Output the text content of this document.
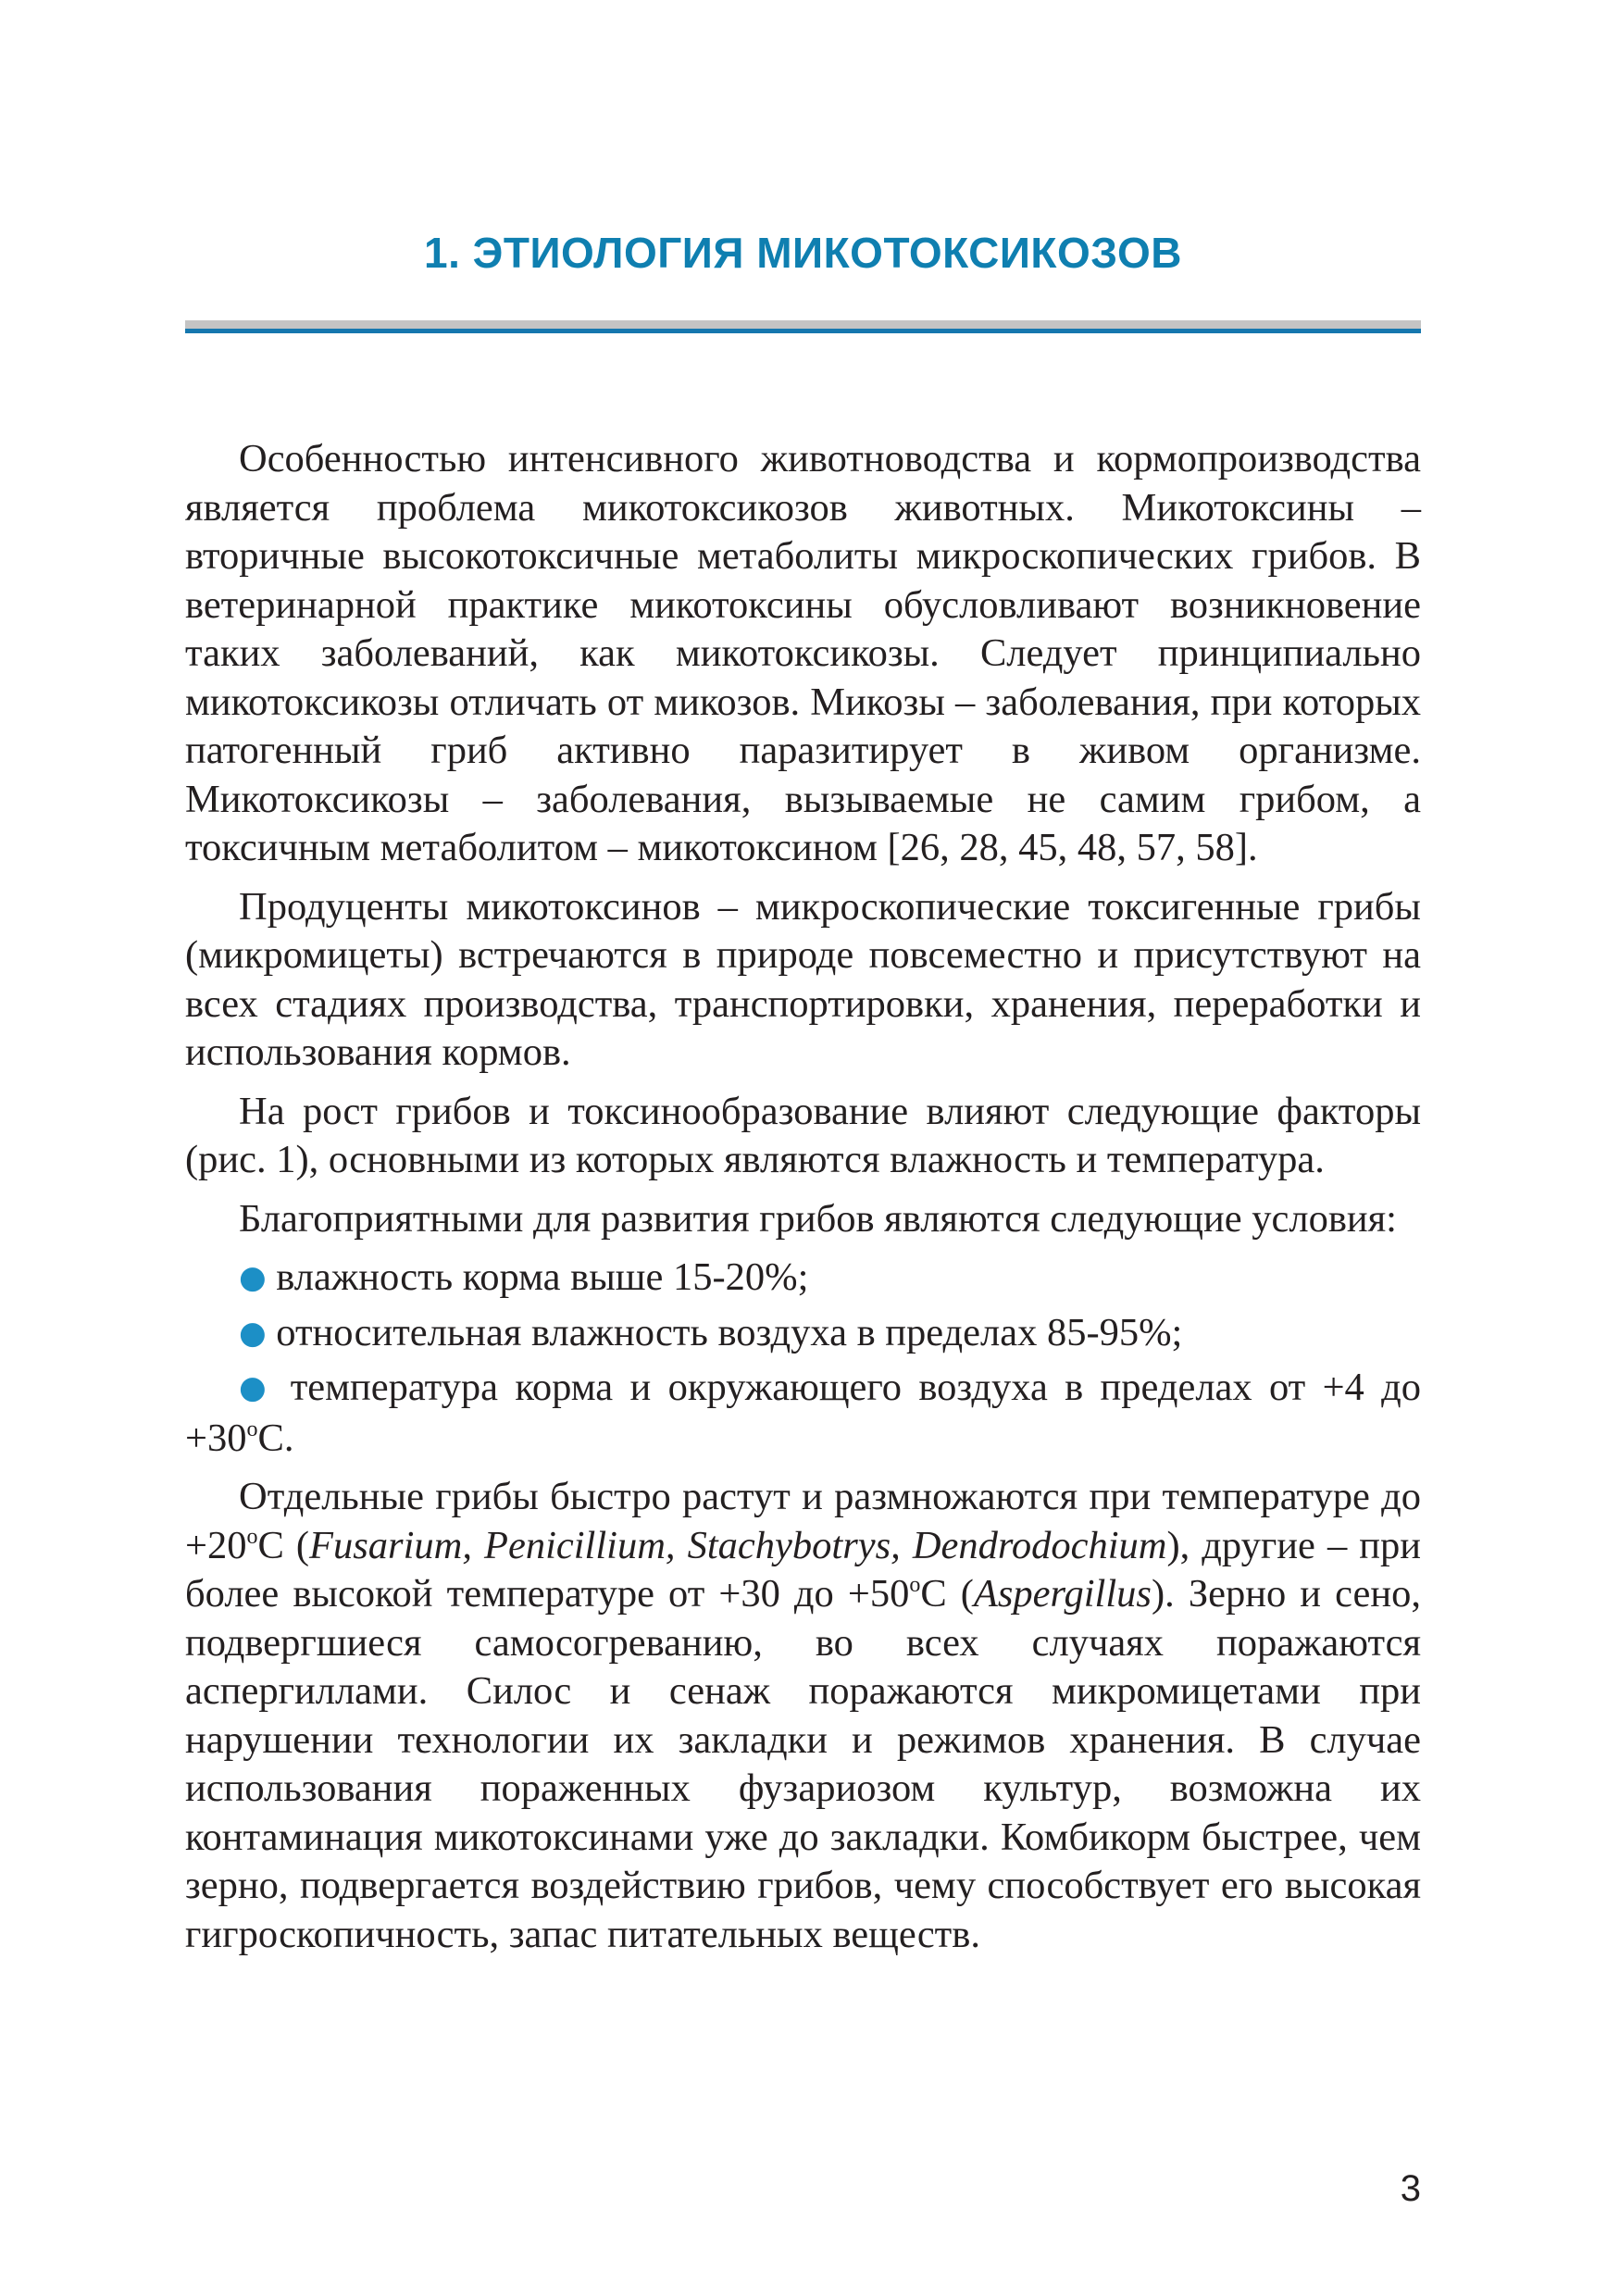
1. ЭТИОЛОГИЯ МИКОТОКСИКОЗОВ

Особенностью интенсивного животноводства и кормопроизводства является проблема микотоксикозов животных. Микотоксины – вторичные высокотоксичные метаболиты микроскопических грибов. В ветеринарной практике микотоксины обусловливают возникновение таких заболеваний, как микотоксикозы. Следует принципиально микотоксикозы отличать от микозов. Микозы – заболевания, при которых патогенный гриб активно паразитирует в живом организме. Микотоксикозы – заболевания, вызываемые не самим грибом, а токсичным метаболитом – микотоксином [26, 28, 45, 48, 57, 58].

Продуценты микотоксинов – микроскопические токсигенные грибы (микромицеты) встречаются в природе повсеместно и присутствуют на всех стадиях производства, транспортировки, хранения, переработки и использования кормов.

На рост грибов и токсинообразование влияют следующие факторы (рис. 1), основными из которых являются влажность и температура.

Благоприятными для развития грибов являются следующие условия:

● влажность корма выше 15-20%;

● относительная влажность воздуха в пределах 85-95%;

● температура корма и окружающего воздуха в пределах от +4 до $+30^оС$.

Отдельные грибы быстро растут и размножаются при температуре до $+20^оС$ (Fusarium, Penicillium, Stachybotrys, Dendrodochium), другие – при более высокой температуре от +30 до $+50^оС$ (Aspergillus). Зерно и сено, подвергшиеся самосогреванию, во всех случаях поражаются аспергиллами. Силос и сенаж поражаются микромицетами при нарушении технологии их закладки и режимов хранения. В случае использования пораженных фузариозом культур, возможна их контаминация микотоксинами уже до закладки. Комбикорм быстрее, чем зерно, подвергается воздействию грибов, чему способствует его высокая гигроскопичность, запас питательных веществ.

3
